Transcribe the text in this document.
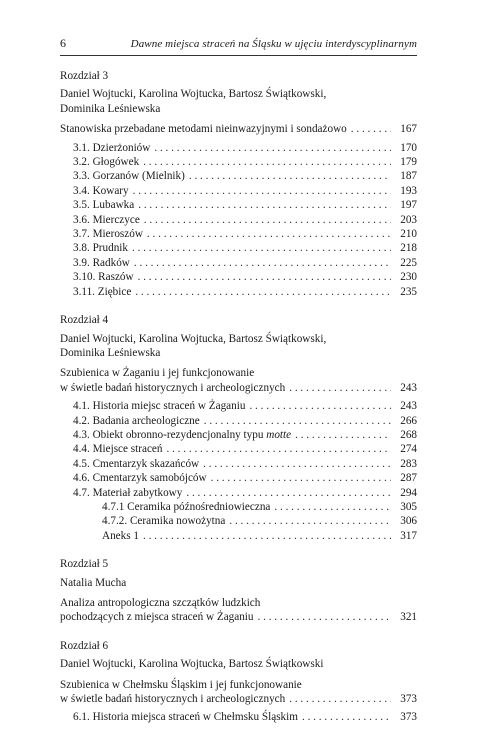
6	Dawne miejsca straceń na Śląsku w ujęciu interdyscyplinarnym
Rozdział 3
Daniel Wojtucki, Karolina Wojtucka, Bartosz Świątkowski,
Dominika Leśniewska
Stanowiska przebadane metodami nieinwazyjnymi i sondażowo . . .	167
3.1. Dzierżoniów . . .	170
3.2. Głogówek . . .	179
3.3. Gorzanów (Mielnik) . . .	187
3.4. Kowary . . .	193
3.5. Lubawka . . .	197
3.6. Mierczyce . . .	203
3.7. Mieroszów . . .	210
3.8. Prudnik . . .	218
3.9. Radków . . .	225
3.10. Raszów . . .	230
3.11. Ziębice . . .	235
Rozdział 4
Daniel Wojtucki, Karolina Wojtucka, Bartosz Świątkowski,
Dominika Leśniewska
Szubienica w Żaganiu i jej funkcjonowanie
w świetle badań historycznych i archeologicznych . . .	243
4.1. Historia miejsc straceń w Żaganiu . . .	243
4.2. Badania archeologiczne . . .	266
4.3. Obiekt obronno-rezydencjonalny typu motte . . .	268
4.4. Miejsce straceń . . .	274
4.5. Cmentarzyk skazańców . . .	283
4.6. Cmentarzyk samobójców . . .	287
4.7. Materiał zabytkowy . . .	294
4.7.1 Ceramika późnośredniowieczna . . .	305
4.7.2. Ceramika nowożytna . . .	306
Aneks 1 . . .	317
Rozdział 5
Natalia Mucha
Analiza antropologiczna szczątków ludzkich
pochodzących z miejsca straceń w Żaganiu . . .	321
Rozdział 6
Daniel Wojtucki, Karolina Wojtucka, Bartosz Świątkowski
Szubienica w Chełmsku Śląskim i jej funkcjonowanie
w świetle badań historycznych i archeologicznych . . .	373
6.1. Historia miejsca straceń w Chełmsku Śląskim . . .	373
